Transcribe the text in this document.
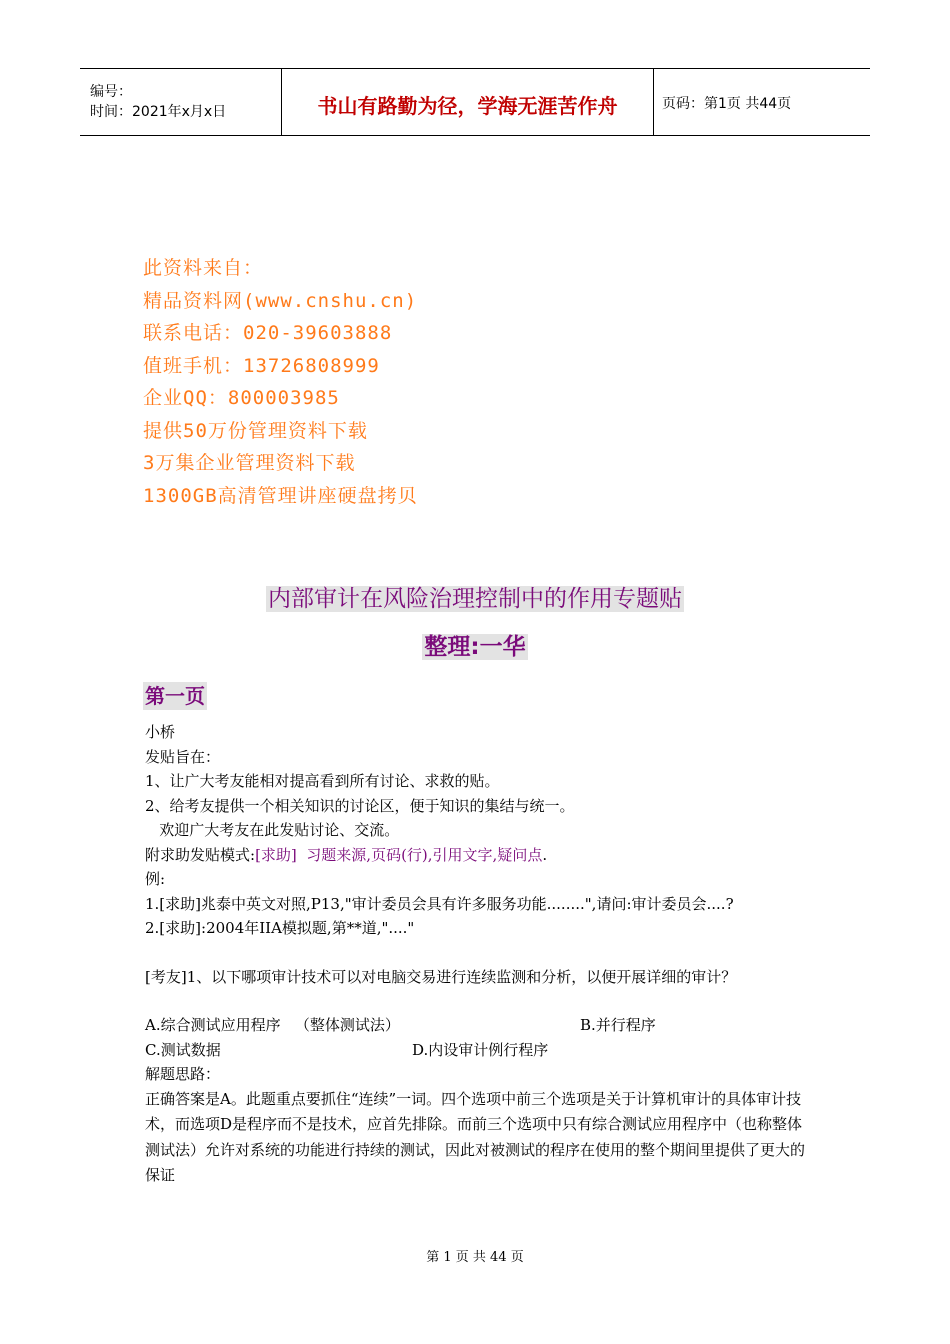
编号：
时间：2021年x月x日	书山有路勤为径，学海无涯苦作舟	页码：第1页 共44页
此资料来自：
精品资料网(www.cnshu.cn)
联系电话：020-39603888
值班手机：13726808999
企业QQ：800003985
提供50万份管理资料下载
3万集企业管理资料下载
1300GB高清管理讲座硬盘拷贝
内部审计在风险治理控制中的作用专题贴
整理:一华
第一页
小桥
发贴旨在：
1、让广大考友能相对提高看到所有讨论、求救的贴。
2、给考友提供一个相关知识的讨论区，便于知识的集结与统一。
欢迎广大考友在此发贴讨论、交流。
附求助发贴模式:[求助]  习题来源,页码(行),引用文字,疑问点.
例:
1.[求助]兆泰中英文对照,P13,"审计委员会具有许多服务功能........",请问:审计委员会....?
2.[求助]:2004年IIA模拟题,第**道,"...."
[考友]1、以下哪项审计技术可以对电脑交易进行连续监测和分析，以便开展详细的审计？
A.综合测试应用程序   （整体测试法）	B.并行程序
C.测试数据	D.内设审计例行程序
解题思路：
正确答案是A。此题重点要抓住“连续”一词。四个选项中前三个选项是关于计算机审计的具体审计技术，而选项D是程序而不是技术，应首先排除。而前三个选项中只有综合测试应用程序中（也称整体测试法）允许对系统的功能进行持续的测试，因此对被测试的程序在使用的整个期间里提供了更大的保证
第 1 页 共 44 页
